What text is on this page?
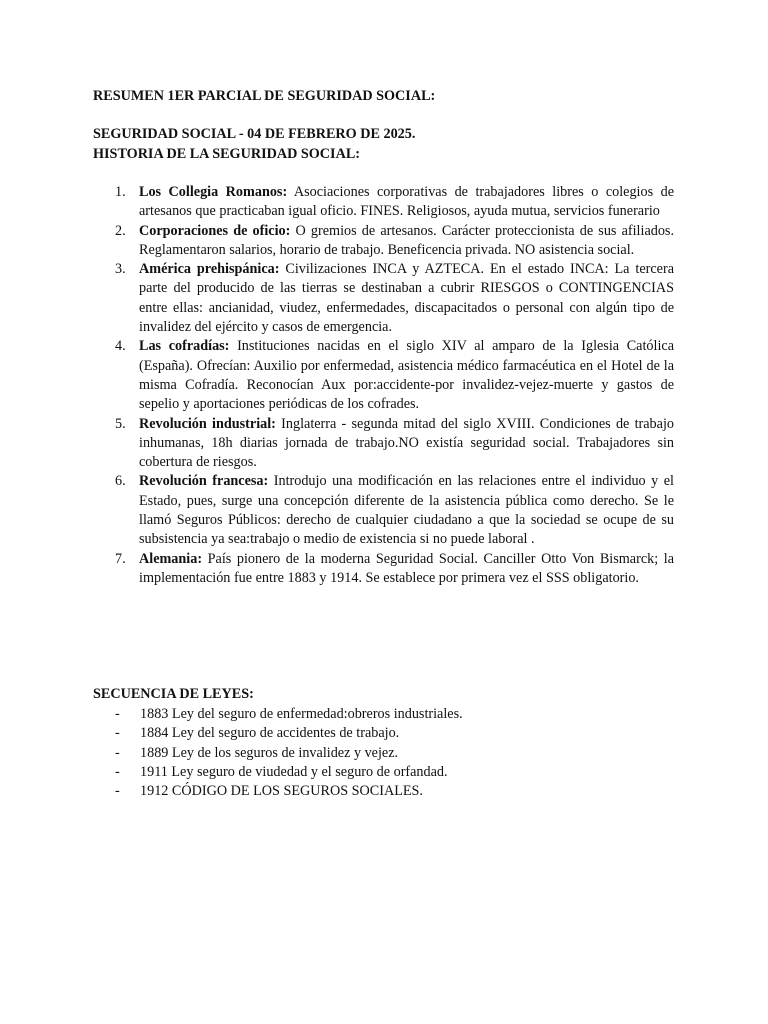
RESUMEN 1ER PARCIAL DE SEGURIDAD SOCIAL:
SEGURIDAD SOCIAL - 04 DE FEBRERO DE 2025.
HISTORIA DE LA SEGURIDAD SOCIAL:
1. Los Collegia Romanos: Asociaciones corporativas de trabajadores libres o colegios de artesanos que practicaban igual oficio. FINES. Religiosos, ayuda mutua, servicios funerario
2. Corporaciones de oficio: O gremios de artesanos. Carácter proteccionista de sus afiliados. Reglamentaron salarios, horario de trabajo. Beneficencia privada. NO asistencia social.
3. América prehispánica: Civilizaciones INCA y AZTECA. En el estado INCA: La tercera parte del producido de las tierras se destinaban a cubrir RIESGOS o CONTINGENCIAS entre ellas: ancianidad, viudez, enfermedades, discapacitados o personal con algún tipo de invalidez del ejército y casos de emergencia.
4. Las cofradías: Instituciones nacidas en el siglo XIV al amparo de la Iglesia Católica (España). Ofrecían: Auxilio por enfermedad, asistencia médico farmacéutica en el Hotel de la misma Cofradía. Reconocían Aux por:accidente-por invalidez-vejez-muerte y gastos de sepelio y aportaciones periódicas de los cofrades.
5. Revolución industrial: Inglaterra - segunda mitad del siglo XVIII. Condiciones de trabajo inhumanas, 18h diarias jornada de trabajo.NO existía seguridad social. Trabajadores sin cobertura de riesgos.
6. Revolución francesa: Introdujo una modificación en las relaciones entre el individuo y el Estado, pues, surge una concepción diferente de la asistencia pública como derecho. Se le llamó Seguros Públicos: derecho de cualquier ciudadano a que la sociedad se ocupe de su subsistencia ya sea:trabajo o medio de existencia si no puede laboral .
7. Alemania: País pionero de la moderna Seguridad Social. Canciller Otto Von Bismarck; la implementación fue entre 1883 y 1914. Se establece por primera vez el SSS obligatorio.
SECUENCIA DE LEYES:
- 1883 Ley del seguro de enfermedad:obreros industriales.
- 1884 Ley del seguro de accidentes de trabajo.
- 1889 Ley de los seguros de invalidez y vejez.
- 1911 Ley seguro de viudedad y el seguro de orfandad.
- 1912 CÓDIGO DE LOS SEGUROS SOCIALES.
